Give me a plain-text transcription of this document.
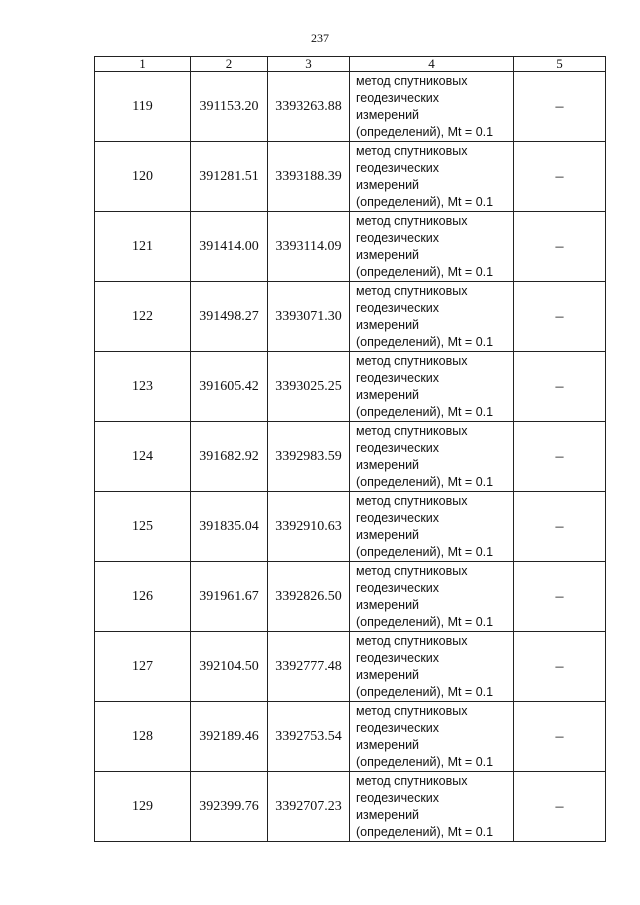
237
1	2	3	4	5
119	391153.20	3393263.88	метод спутниковых
геодезических
измерений
(определений), Mt = 0.1	–
120	391281.51	3393188.39	метод спутниковых
геодезических
измерений
(определений), Mt = 0.1	–
121	391414.00	3393114.09	метод спутниковых
геодезических
измерений
(определений), Mt = 0.1	–
122	391498.27	3393071.30	метод спутниковых
геодезических
измерений
(определений), Mt = 0.1	–
123	391605.42	3393025.25	метод спутниковых
геодезических
измерений
(определений), Mt = 0.1	–
124	391682.92	3392983.59	метод спутниковых
геодезических
измерений
(определений), Mt = 0.1	–
125	391835.04	3392910.63	метод спутниковых
геодезических
измерений
(определений), Mt = 0.1	–
126	391961.67	3392826.50	метод спутниковых
геодезических
измерений
(определений), Mt = 0.1	–
127	392104.50	3392777.48	метод спутниковых
геодезических
измерений
(определений), Mt = 0.1	–
128	392189.46	3392753.54	метод спутниковых
геодезических
измерений
(определений), Mt = 0.1	–
129	392399.76	3392707.23	метод спутниковых
геодезических
измерений
(определений), Mt = 0.1	–
